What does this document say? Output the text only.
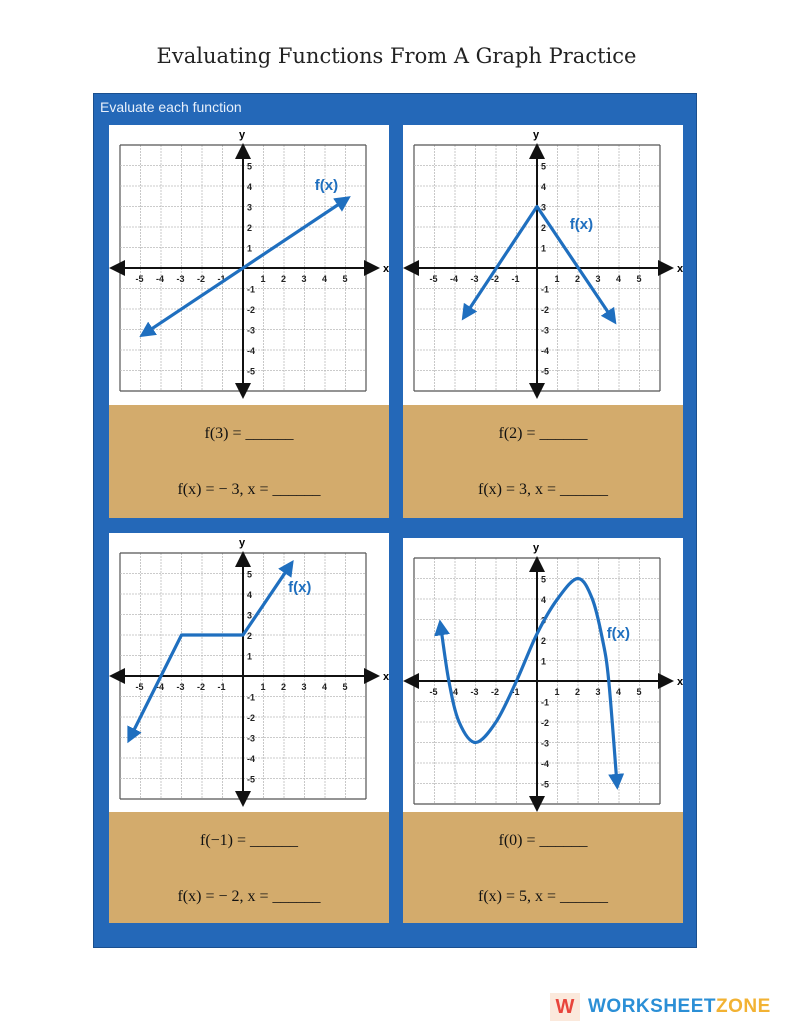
Evaluating Functions From A Graph Practice
Evaluate each function
x
y
-5
-5
-4
-4
-3
-3
-2
-2
-1
-1
1
1
2
2
3
3
4
4
5
5
f(x)
f(3) = ______
f(x) = − 3, x = ______
x
y
-5
-5
-4
-4
-3
-3
-2
-2
-1
-1
1
1
2
2
3
3
4
4
5
5
f(x)
f(2) = ______
f(x) = 3, x = ______
x
y
-5
-5
-4
-4
-3
-3
-2
-2
-1
-1
1
1
2
2
3
3
4
4
5
5
f(x)
f(−1) = ______
f(x) = − 2, x = ______
x
y
-5
-5
-4
-4
-3
-3
-2
-2
-1
-1
1
1
2
2
3
3
4
4
5
5
f(x)
f(0) = ______
f(x) = 5, x = ______
W WORKSHEETZONE
